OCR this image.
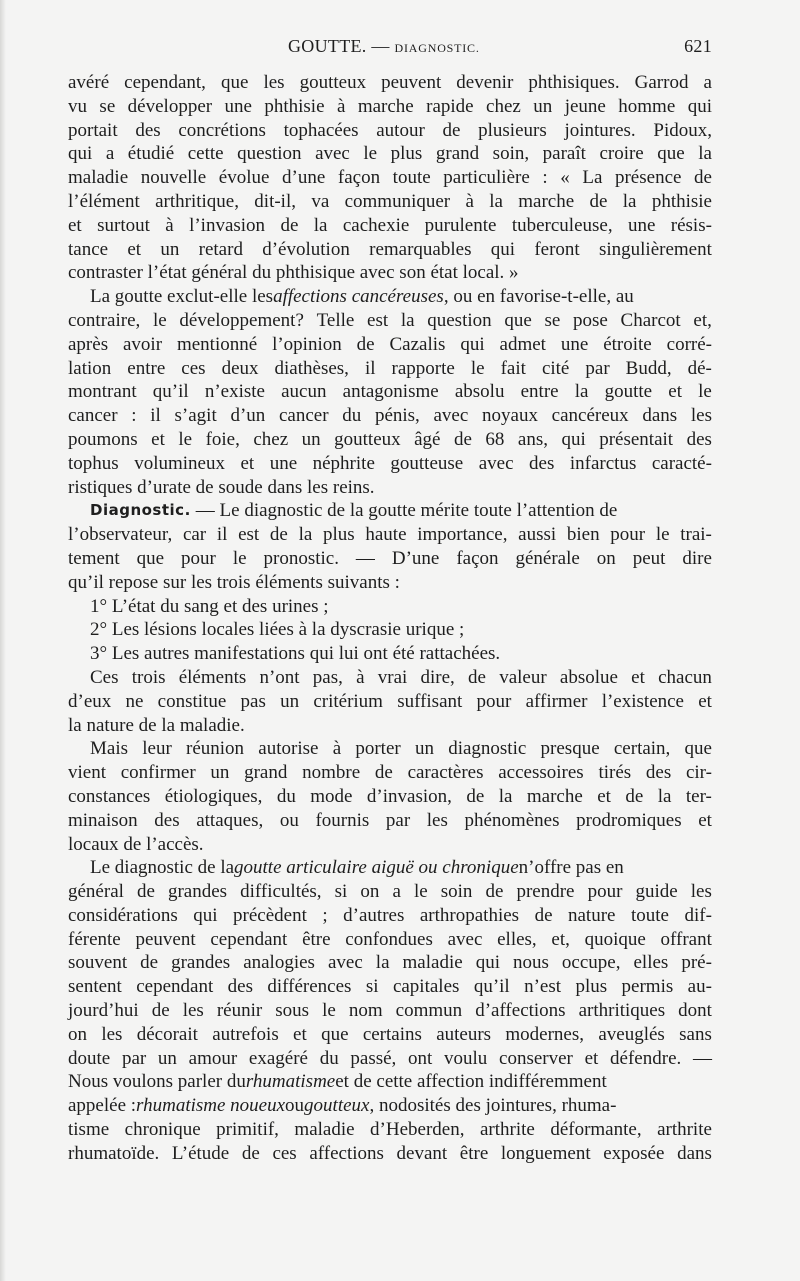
GOUTTE. — DIAGNOSTIC.	621
avéré cependant, que les goutteux peuvent devenir phthisiques. Garrod a
vu se développer une phthisie à marche rapide chez un jeune homme qui
portait des concrétions tophacées autour de plusieurs jointures. Pidoux,
qui a étudié cette question avec le plus grand soin, paraît croire que la
maladie nouvelle évolue d’une façon toute particulière : « La présence de
l’élément arthritique, dit-il, va communiquer à la marche de la phthisie
et surtout à l’invasion de la cachexie purulente tuberculeuse, une résis-
tance et un retard d’évolution remarquables qui feront singulièrement
contraster l’état général du phthisique avec son état local. »
La goutte exclut-elle les affections cancéreuses , ou en favorise-t-elle, au
contraire, le développement? Telle est la question que se pose Charcot et,
après avoir mentionné l’opinion de Cazalis qui admet une étroite corré-
lation entre ces deux diathèses, il rapporte le fait cité par Budd, dé-
montrant qu’il n’existe aucun antagonisme absolu entre la goutte et le
cancer : il s’agit d’un cancer du pénis, avec noyaux cancéreux dans les
poumons et le foie, chez un goutteux âgé de 68 ans, qui présentait des
tophus volumineux et une néphrite goutteuse avec des infarctus caracté-
ristiques d’urate de soude dans les reins.
Diagnostic. — Le diagnostic de la goutte mérite toute l’attention de
l’observateur, car il est de la plus haute importance, aussi bien pour le trai-
tement que pour le pronostic. — D’une façon générale on peut dire
qu’il repose sur les trois éléments suivants :
1° L’état du sang et des urines ;
2° Les lésions locales liées à la dyscrasie urique ;
3° Les autres manifestations qui lui ont été rattachées.
Ces trois éléments n’ont pas, à vrai dire, de valeur absolue et chacun
d’eux ne constitue pas un critérium suffisant pour affirmer l’existence et
la nature de la maladie.
Mais leur réunion autorise à porter un diagnostic presque certain, que
vient confirmer un grand nombre de caractères accessoires tirés des cir-
constances étiologiques, du mode d’invasion, de la marche et de la ter-
minaison des attaques, ou fournis par les phénomènes prodromiques et
locaux de l’accès.
Le diagnostic de la goutte articulaire aiguë ou chronique n’offre pas en
général de grandes difficultés, si on a le soin de prendre pour guide les
considérations qui précèdent ; d’autres arthropathies de nature toute dif-
férente peuvent cependant être confondues avec elles, et, quoique offrant
souvent de grandes analogies avec la maladie qui nous occupe, elles pré-
sentent cependant des différences si capitales qu’il n’est plus permis au-
jourd’hui de les réunir sous le nom commun d’affections arthritiques dont
on les décorait autrefois et que certains auteurs modernes, aveuglés sans
doute par un amour exagéré du passé, ont voulu conserver et défendre. —
Nous voulons parler du rhumatisme et de cette affection indifféremment
appelée : rhumatisme noueux ou goutteux , nodosités des jointures, rhuma-
tisme chronique primitif, maladie d’Heberden, arthrite déformante, arthrite
rhumatoïde. L’étude de ces affections devant être longuement exposée dans
